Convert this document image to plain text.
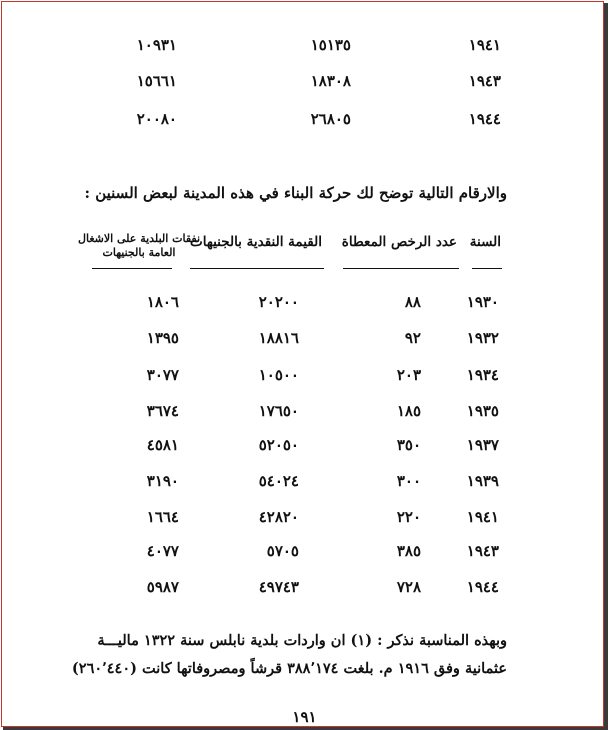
١٩٤١
١٥١٣٥
١٠٩٣١
١٩٤٣
١٨٣٠٨
١٥٦٦١
١٩٤٤
٢٦٨٠٥
٢٠٠٨٠
والارقام التالية توضح لك حركة البناء في هذه المدينة لبعض السنين :
السنة
عدد الرخص المعطاة
القيمة النقدية بالجنيهات
نفقات البلدية على الاشغال
العامة بالجنيهات
١٩٣٠
٨٨
٢٠٢٠٠
١٨٠٦
١٩٣٢
٩٢
١٨٨١٦
١٣٩٥
١٩٣٤
٢٠٣
١٠٥٠٠
٣٠٧٧
١٩٣٥
١٨٥
١٧٦٥٠
٣٦٧٤
١٩٣٧
٣٥٠
٥٢٠٥٠
٤٥٨١
١٩٣٩
٣٠٠
٥٤٠٢٤
٣١٩٠
١٩٤١
٢٢٠
٤٢٨٢٠
١٦٦٤
١٩٤٣
٣٨٥
٥٧٠٥
٤٠٧٧
١٩٤٤
٧٢٨
٤٩٧٤٣
٥٩٨٧
وبهذه المناسبة نذكر : (١) ان واردات بلدية نابلس سنة ١٣٢٢ ماليـــة
عثمانية وفق ١٩١٦ م. بلغت ٣٨٨٬١٧٤ قرشاً ومصروفاتها كانت (٢٦٠٬٤٤٠)
١٩١
